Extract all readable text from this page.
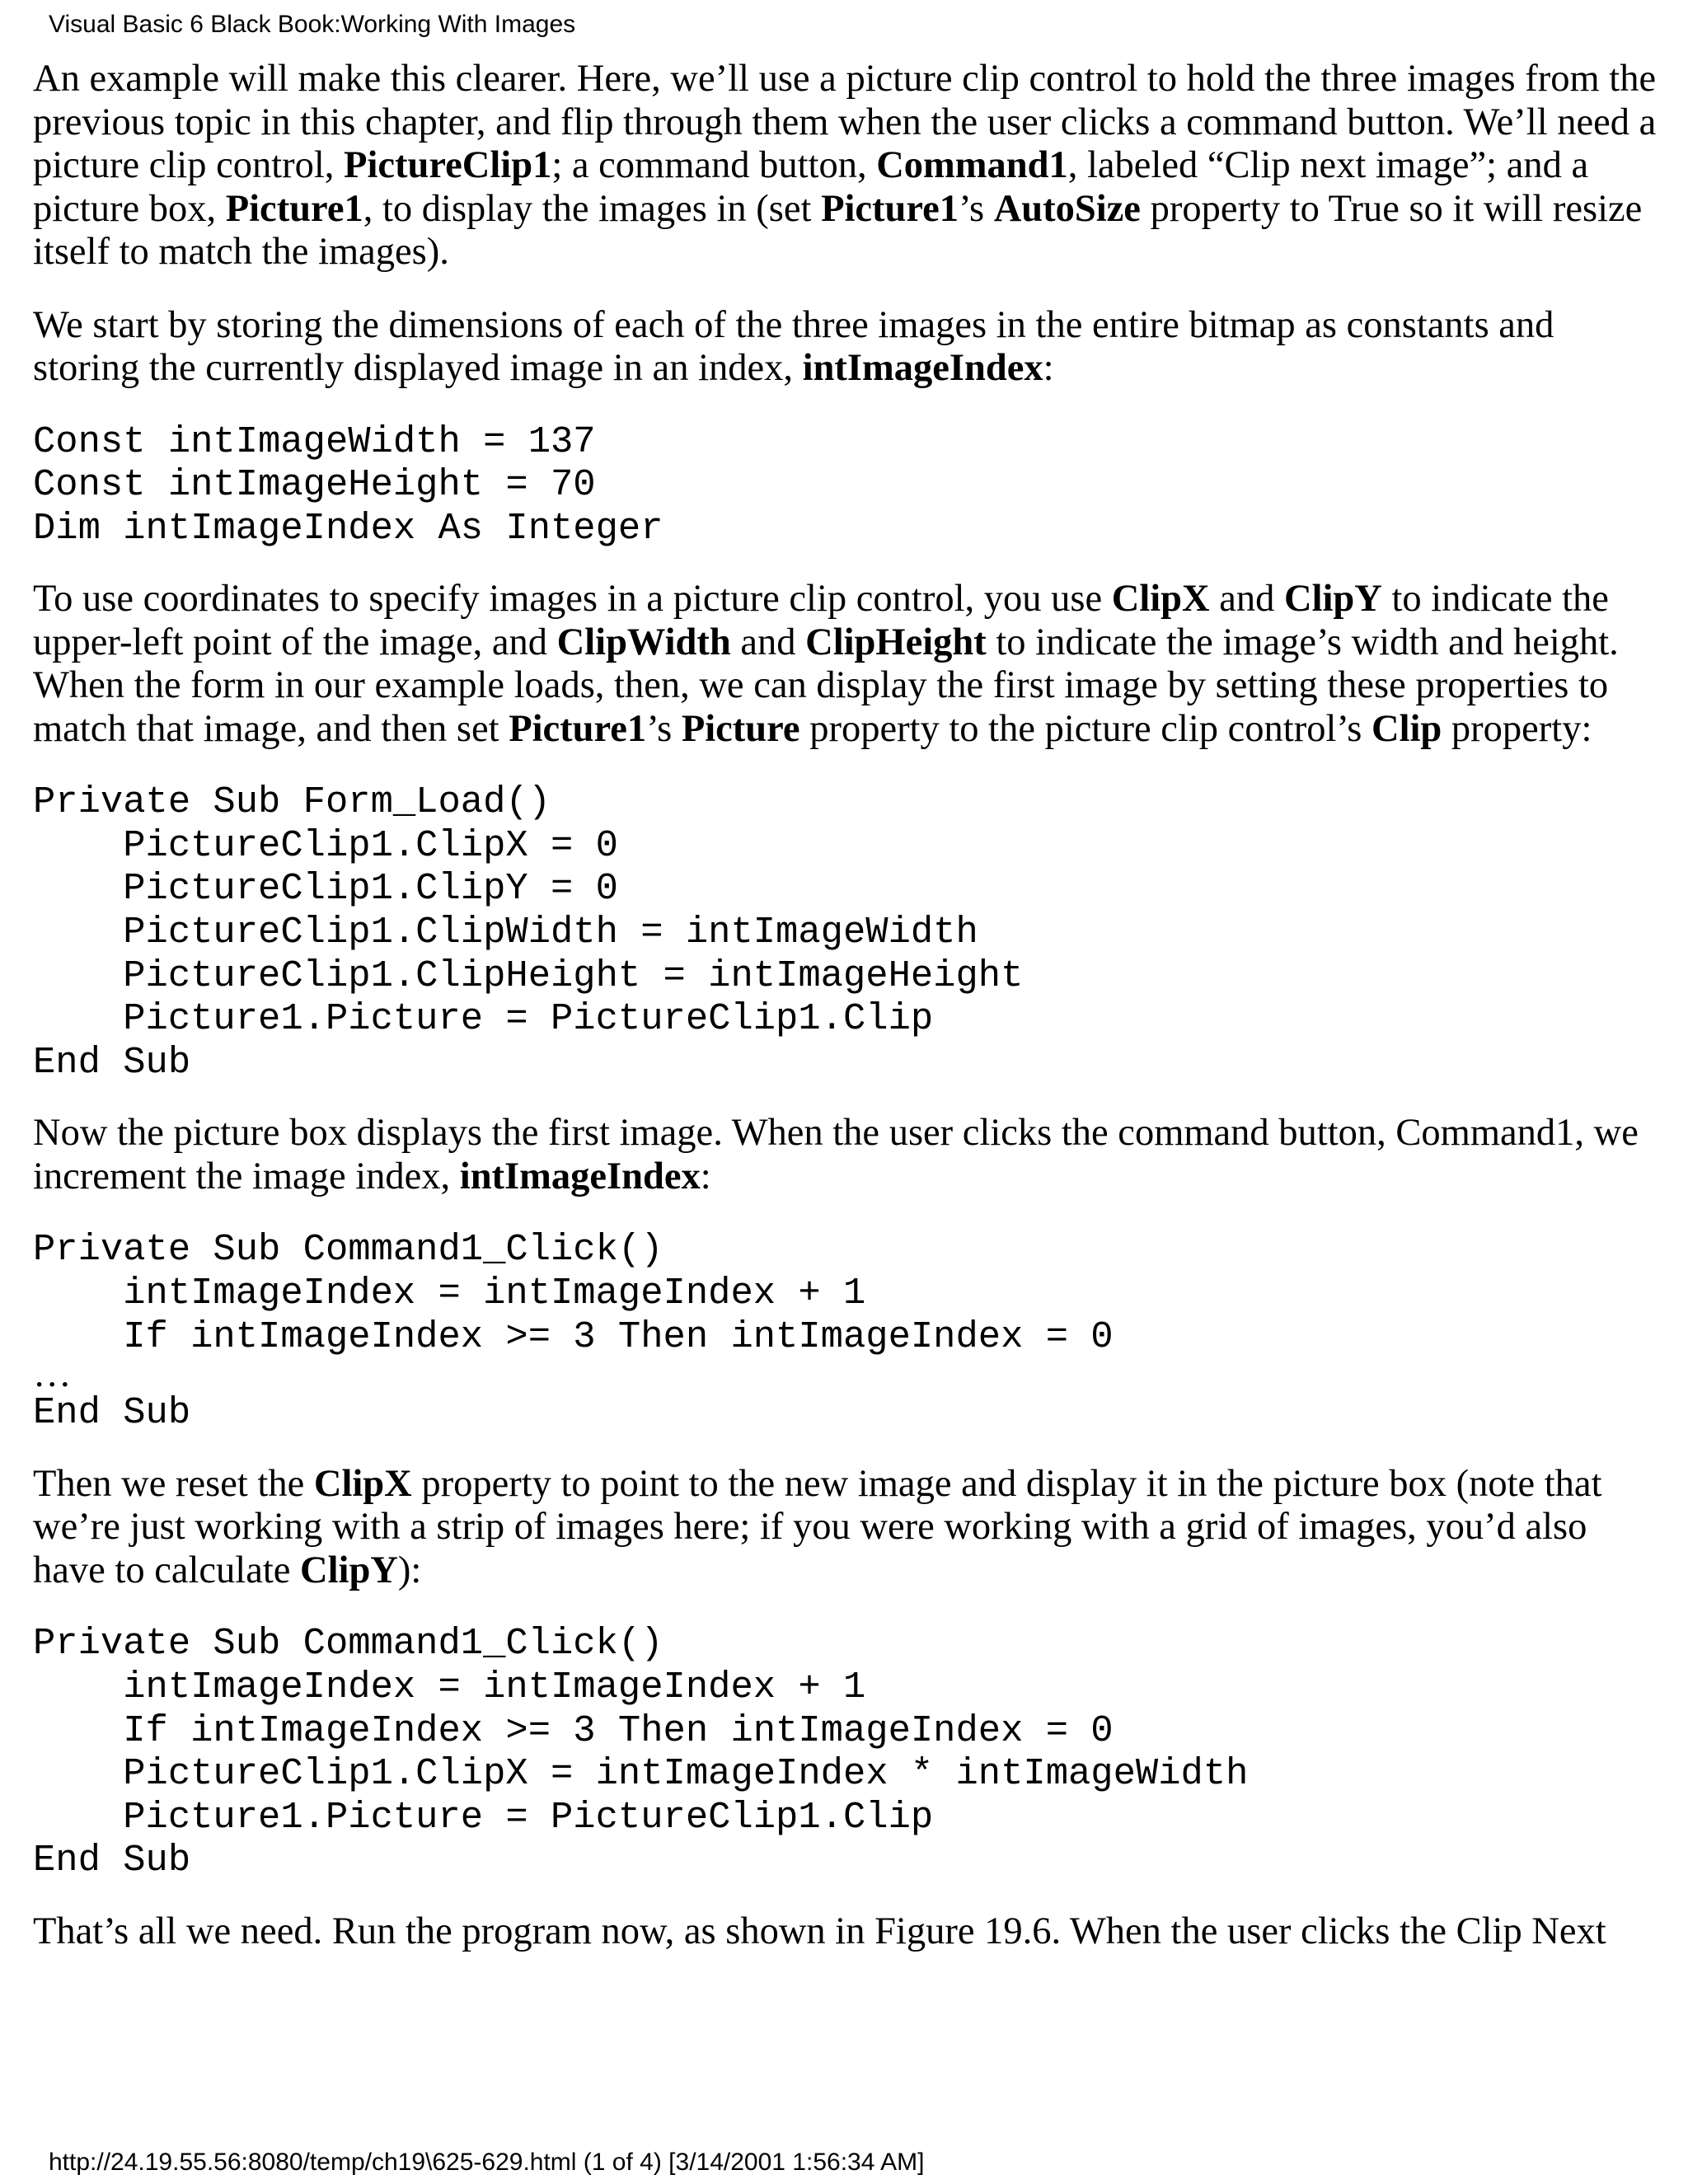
Visual Basic 6 Black Book:Working With Images

An example will make this clearer. Here, we’ll use a picture clip control to hold the three images from the previous topic in this chapter, and flip through them when the user clicks a command button. We’ll need a picture clip control, PictureClip1; a command button, Command1, labeled “Clip next image”; and a picture box, Picture1, to display the images in (set Picture1’s AutoSize property to True so it will resize itself to match the images).

We start by storing the dimensions of each of the three images in the entire bitmap as constants and storing the currently displayed image in an index, intImageIndex:

Const intImageWidth = 137
Const intImageHeight = 70
Dim intImageIndex As Integer

To use coordinates to specify images in a picture clip control, you use ClipX and ClipY to indicate the upper-left point of the image, and ClipWidth and ClipHeight to indicate the image’s width and height. When the form in our example loads, then, we can display the first image by setting these properties to match that image, and then set Picture1’s Picture property to the picture clip control’s Clip property:

Private Sub Form_Load()
PictureClip1.ClipX = 0
PictureClip1.ClipY = 0
PictureClip1.ClipWidth = intImageWidth
PictureClip1.ClipHeight = intImageHeight
Picture1.Picture = PictureClip1.Clip
End Sub

Now the picture box displays the first image. When the user clicks the command button, Command1, we increment the image index, intImageIndex:

Private Sub Command1_Click()
intImageIndex = intImageIndex + 1
If intImageIndex >= 3 Then intImageIndex = 0
…
End Sub

Then we reset the ClipX property to point to the new image and display it in the picture box (note that we’re just working with a strip of images here; if you were working with a grid of images, you’d also have to calculate ClipY):

Private Sub Command1_Click()
intImageIndex = intImageIndex + 1
If intImageIndex >= 3 Then intImageIndex = 0
PictureClip1.ClipX = intImageIndex * intImageWidth
Picture1.Picture = PictureClip1.Clip
End Sub

That’s all we need. Run the program now, as shown in Figure 19.6. When the user clicks the Clip Next

http://24.19.55.56:8080/temp/ch19\625-629.html (1 of 4) [3/14/2001 1:56:34 AM]
